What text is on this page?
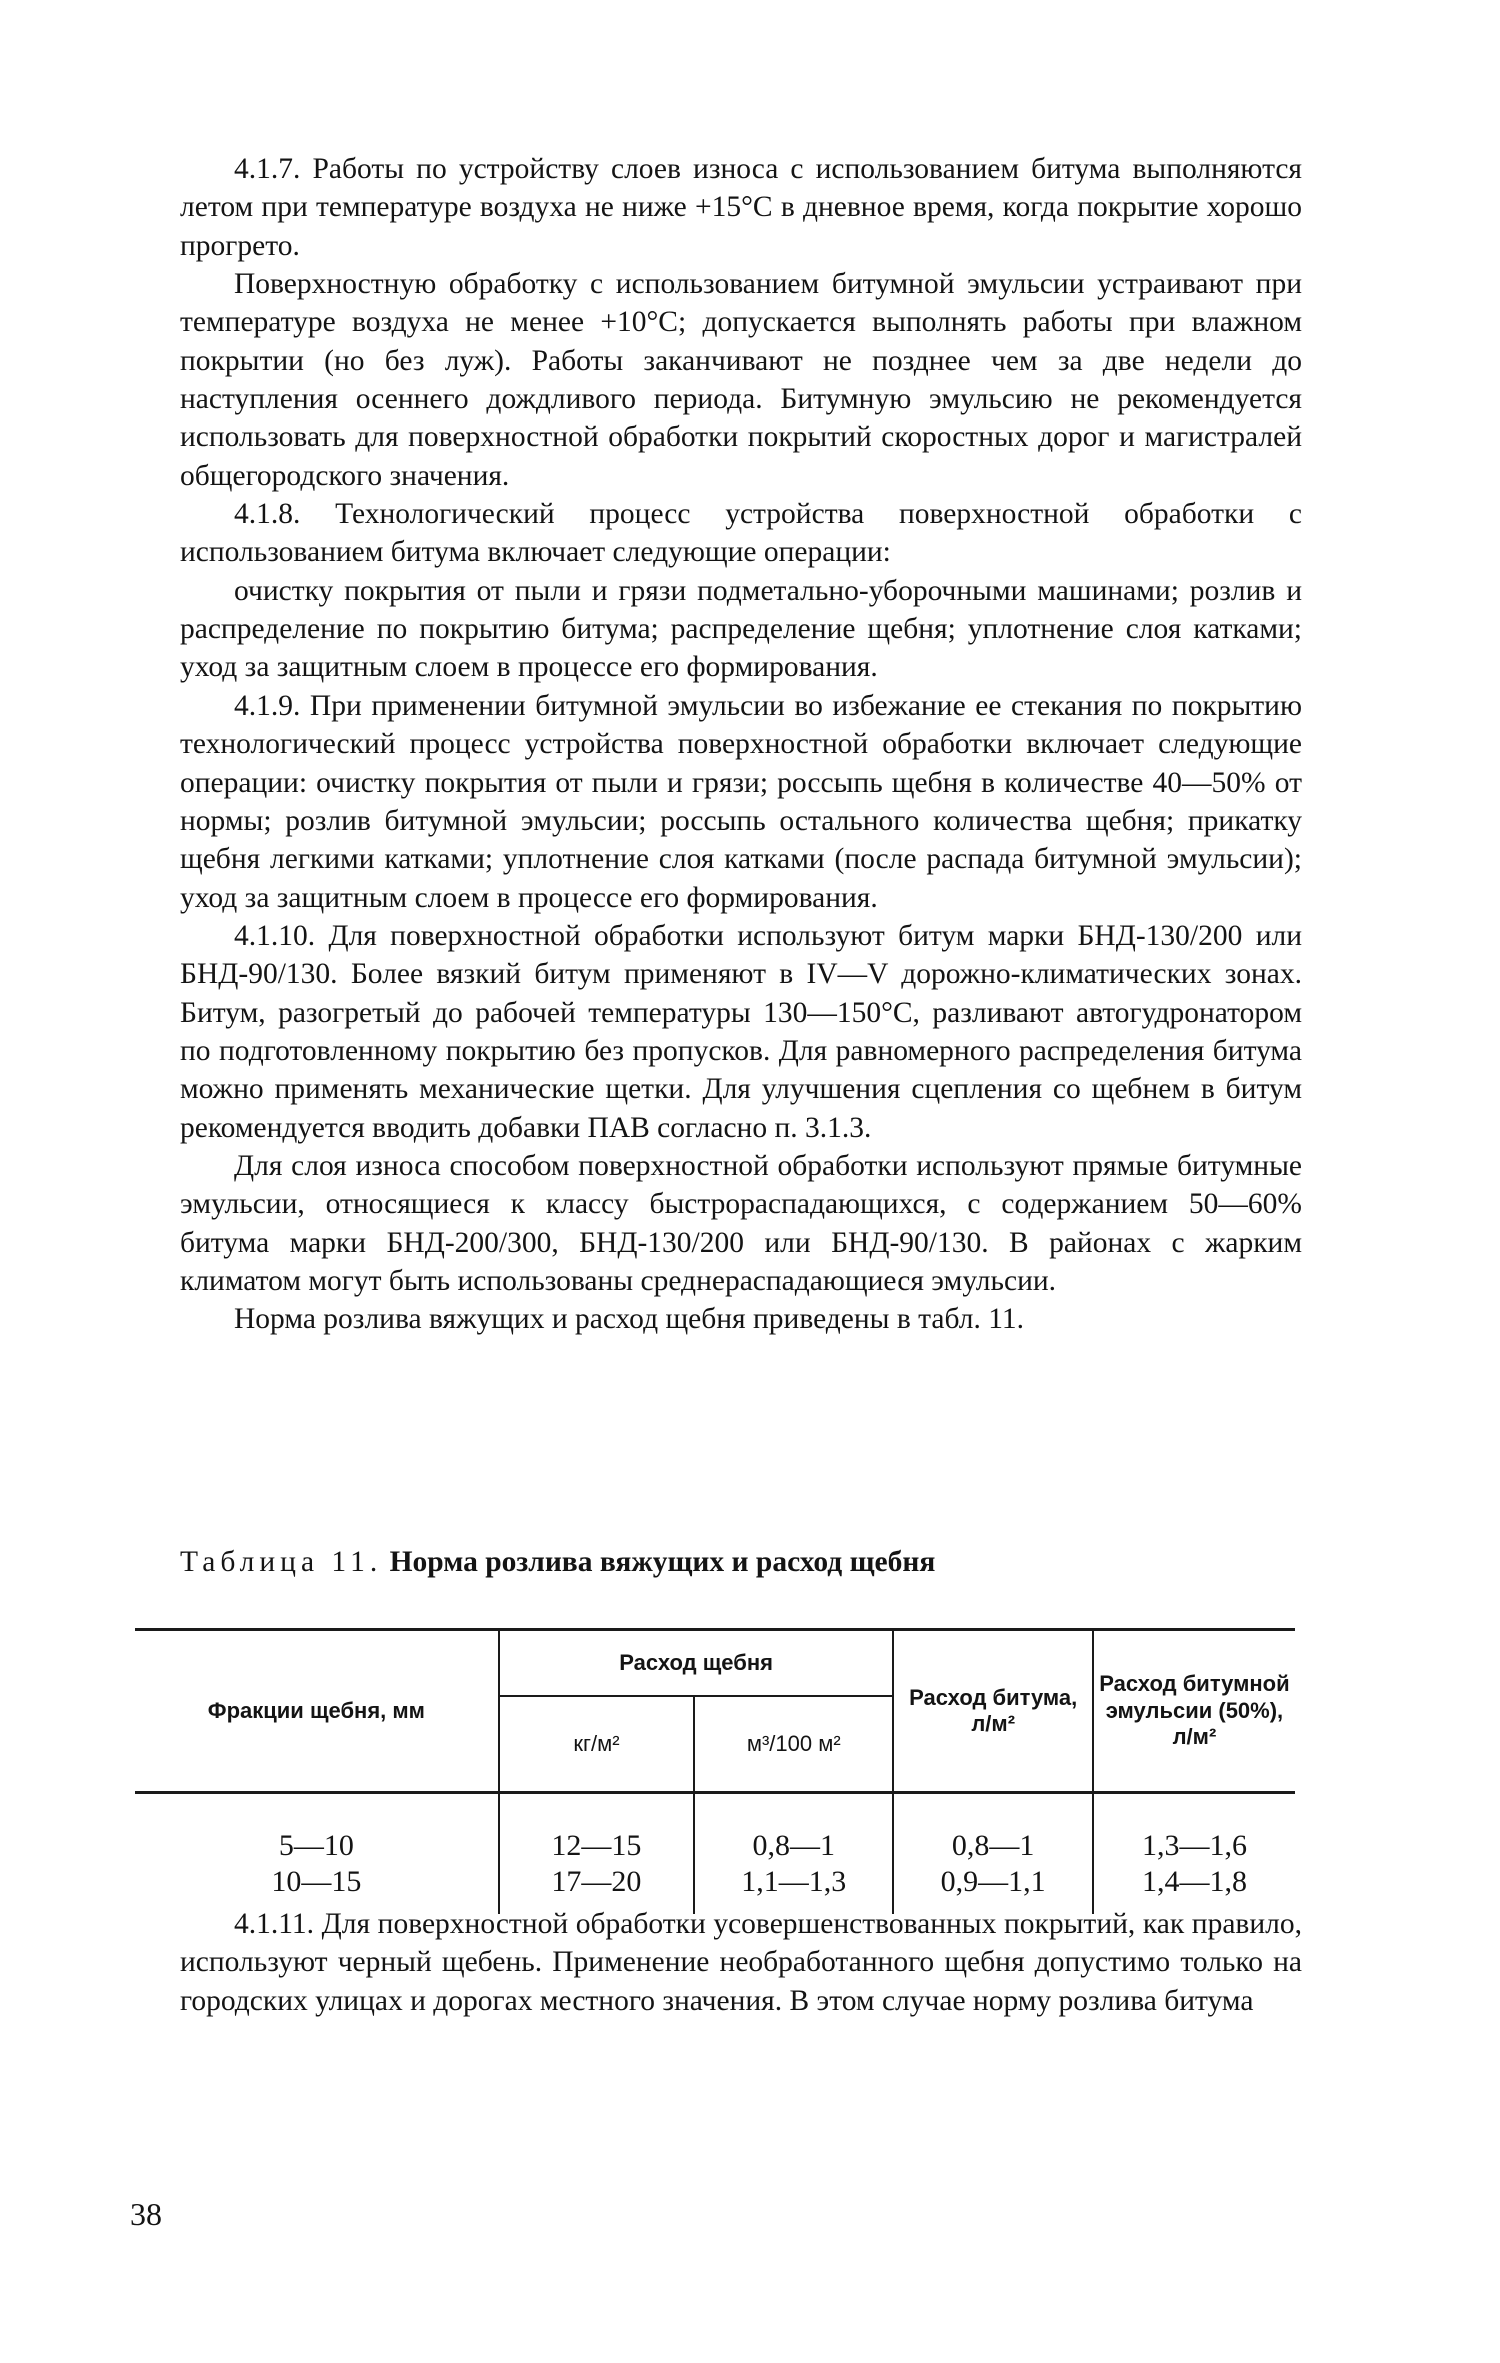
4.1.7. Работы по устройству слоев износа с использованием битума выполняются летом при температуре воздуха не ниже +15°С в дневное время, когда покрытие хорошо прогрето.

Поверхностную обработку с использованием битумной эмульсии устраивают при температуре воздуха не менее +10°С; допускается выполнять работы при влажном покрытии (но без луж). Работы заканчивают не позднее чем за две недели до наступления осеннего дождливого периода. Битумную эмульсию не рекомендуется использовать для поверхностной обработки покрытий скоростных дорог и магистралей общегородского значения.

4.1.8. Технологический процесс устройства поверхностной обработки с использованием битума включает следующие операции:

очистку покрытия от пыли и грязи подметально-уборочными машинами; розлив и распределение по покрытию битума; распределение щебня; уплотнение слоя катками; уход за защитным слоем в процессе его формирования.

4.1.9. При применении битумной эмульсии во избежание ее стекания по покрытию технологический процесс устройства поверхностной обработки включает следующие операции: очистку покрытия от пыли и грязи; россыпь щебня в количестве 40—50% от нормы; розлив битумной эмульсии; россыпь остального количества щебня; прикатку щебня легкими катками; уплотнение слоя катками (после распада битумной эмульсии); уход за защитным слоем в процессе его формирования.

4.1.10. Для поверхностной обработки используют битум марки БНД-130/200 или БНД-90/130. Более вязкий битум применяют в IV—V дорожно-климатических зонах. Битум, разогретый до рабочей температуры 130—150°С, разливают автогудронатором по подготовленному покрытию без пропусков. Для равномерного распределения битума можно применять механические щетки. Для улучшения сцепления со щебнем в битум рекомендуется вводить добавки ПАВ согласно п. 3.1.3.

Для слоя износа способом поверхностной обработки используют прямые битумные эмульсии, относящиеся к классу быстрораспадающихся, с содержанием 50—60% битума марки БНД-200/300, БНД-130/200 или БНД-90/130. В районах с жарким климатом могут быть использованы среднераспадающиеся эмульсии.

Норма розлива вяжущих и расход щебня приведены в табл. 11.

Таблица 11. Норма розлива вяжущих и расход щебня
Фракции щебня, мм	Расход щебня		Расход битума, л/м²	Расход битумной эмульсии (50%), л/м²
	кг/м²	м³/100 м²		
5—10	12—15	0,8—1	0,8—1	1,3—1,6
10—15	17—20	1,1—1,3	0,9—1,1	1,4—1,8

4.1.11. Для поверхностной обработки усовершенствованных покрытий, как правило, используют черный щебень. Применение необработанного щебня допустимо только на городских улицах и дорогах местного значения. В этом случае норму розлива битума

38
